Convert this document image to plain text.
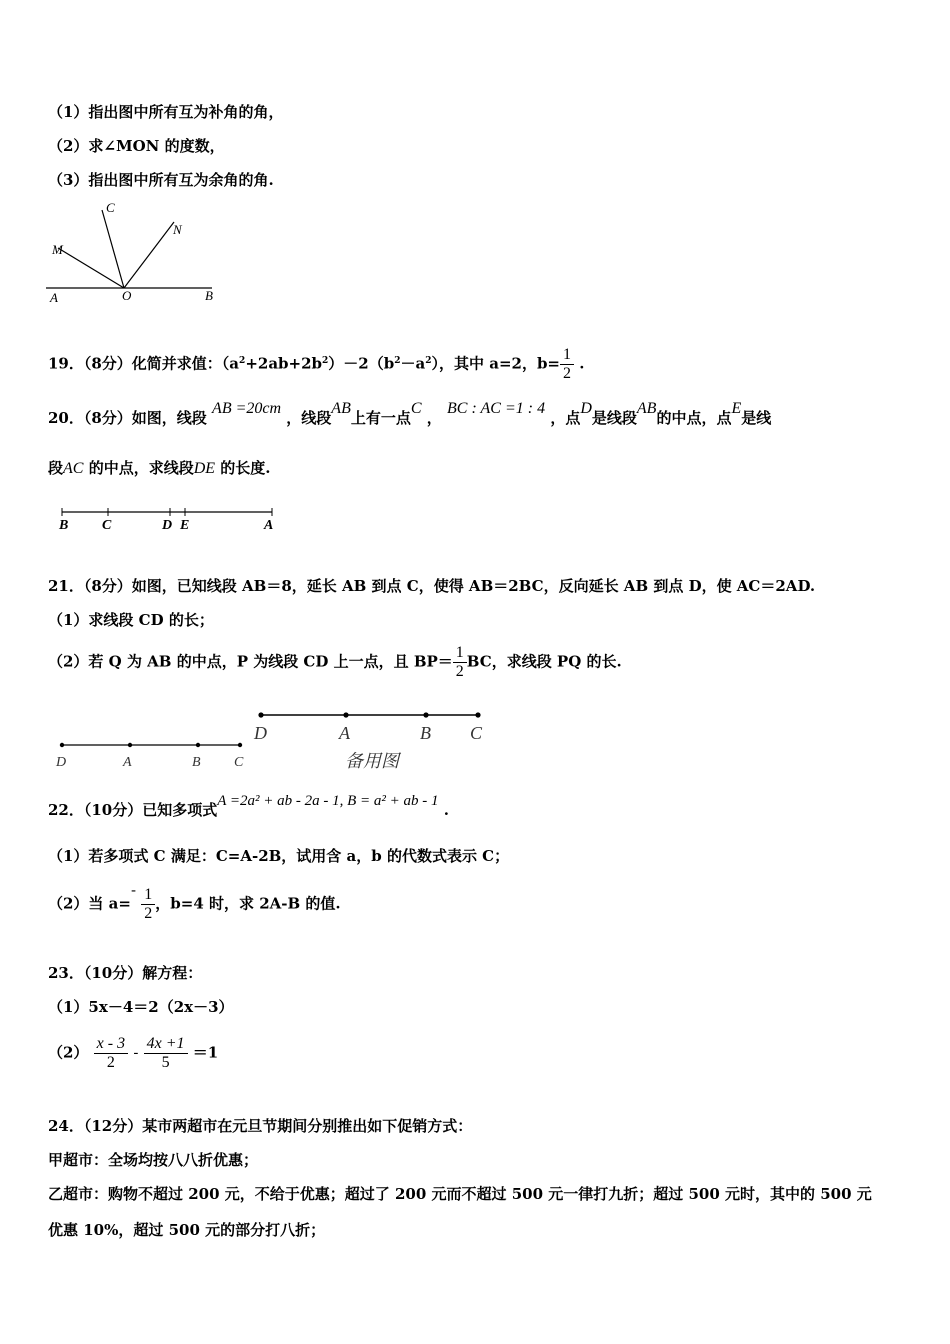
（1）指出图中所有互为补角的角，
（2）求∠MON 的度数，
（3）指出图中所有互为余角的角.
C
N
M
A	O	B
19．（8分）化简并求值：$(a^2+2ab+2b^2)-2(b^2-a^2)$，其中 a=2，$b= \frac{1}{2}$ .
20．（8分）如图，线段 AB =20cm ，线段AB上有一点C ， BC : AC =1 : 4 ，点D是线段AB的中点，点E是线
段AC 的中点，求线段DE 的长度.
B C	D E	A
21．（8分）如图，已知线段 AB＝8，延长 AB 到点 C，使得 AB＝2BC，反向延长 AB 到点 D，使 AC＝2AD.
（1）求线段 CD 的长；
（2）若 Q 为 AB 的中点，P 为线段 CD 上一点，且 $BP= \frac{1}{2}$ BC，求线段 PQ 的长.
D	A	B C
D	A	B C
备用图
22．（10分）已知多项式A =2a² + ab - 2a - 1, B = a² + ab - 1 .
（1）若多项式 C 满足：C=A-2B，试用含 a，b 的代数式表示 C；
（2）当 $a=- \frac{1}{2}$ ，b=4 时，求 2A-B 的值.
23．（10分）解方程：
（1）5x－4＝2（2x－3）
$(2) \frac{x - 3}{2} - \frac{4x +1}{5} =1$
24．（12分）某市两超市在元旦节期间分别推出如下促销方式：
甲超市：全场均按八八折优惠；
乙超市：购物不超过 200 元，不给于优惠；超过了 200 元而不超过 500 元一律打九折；超过 500 元时，其中的 500 元
优惠 10%，超过 500 元的部分打八折；
